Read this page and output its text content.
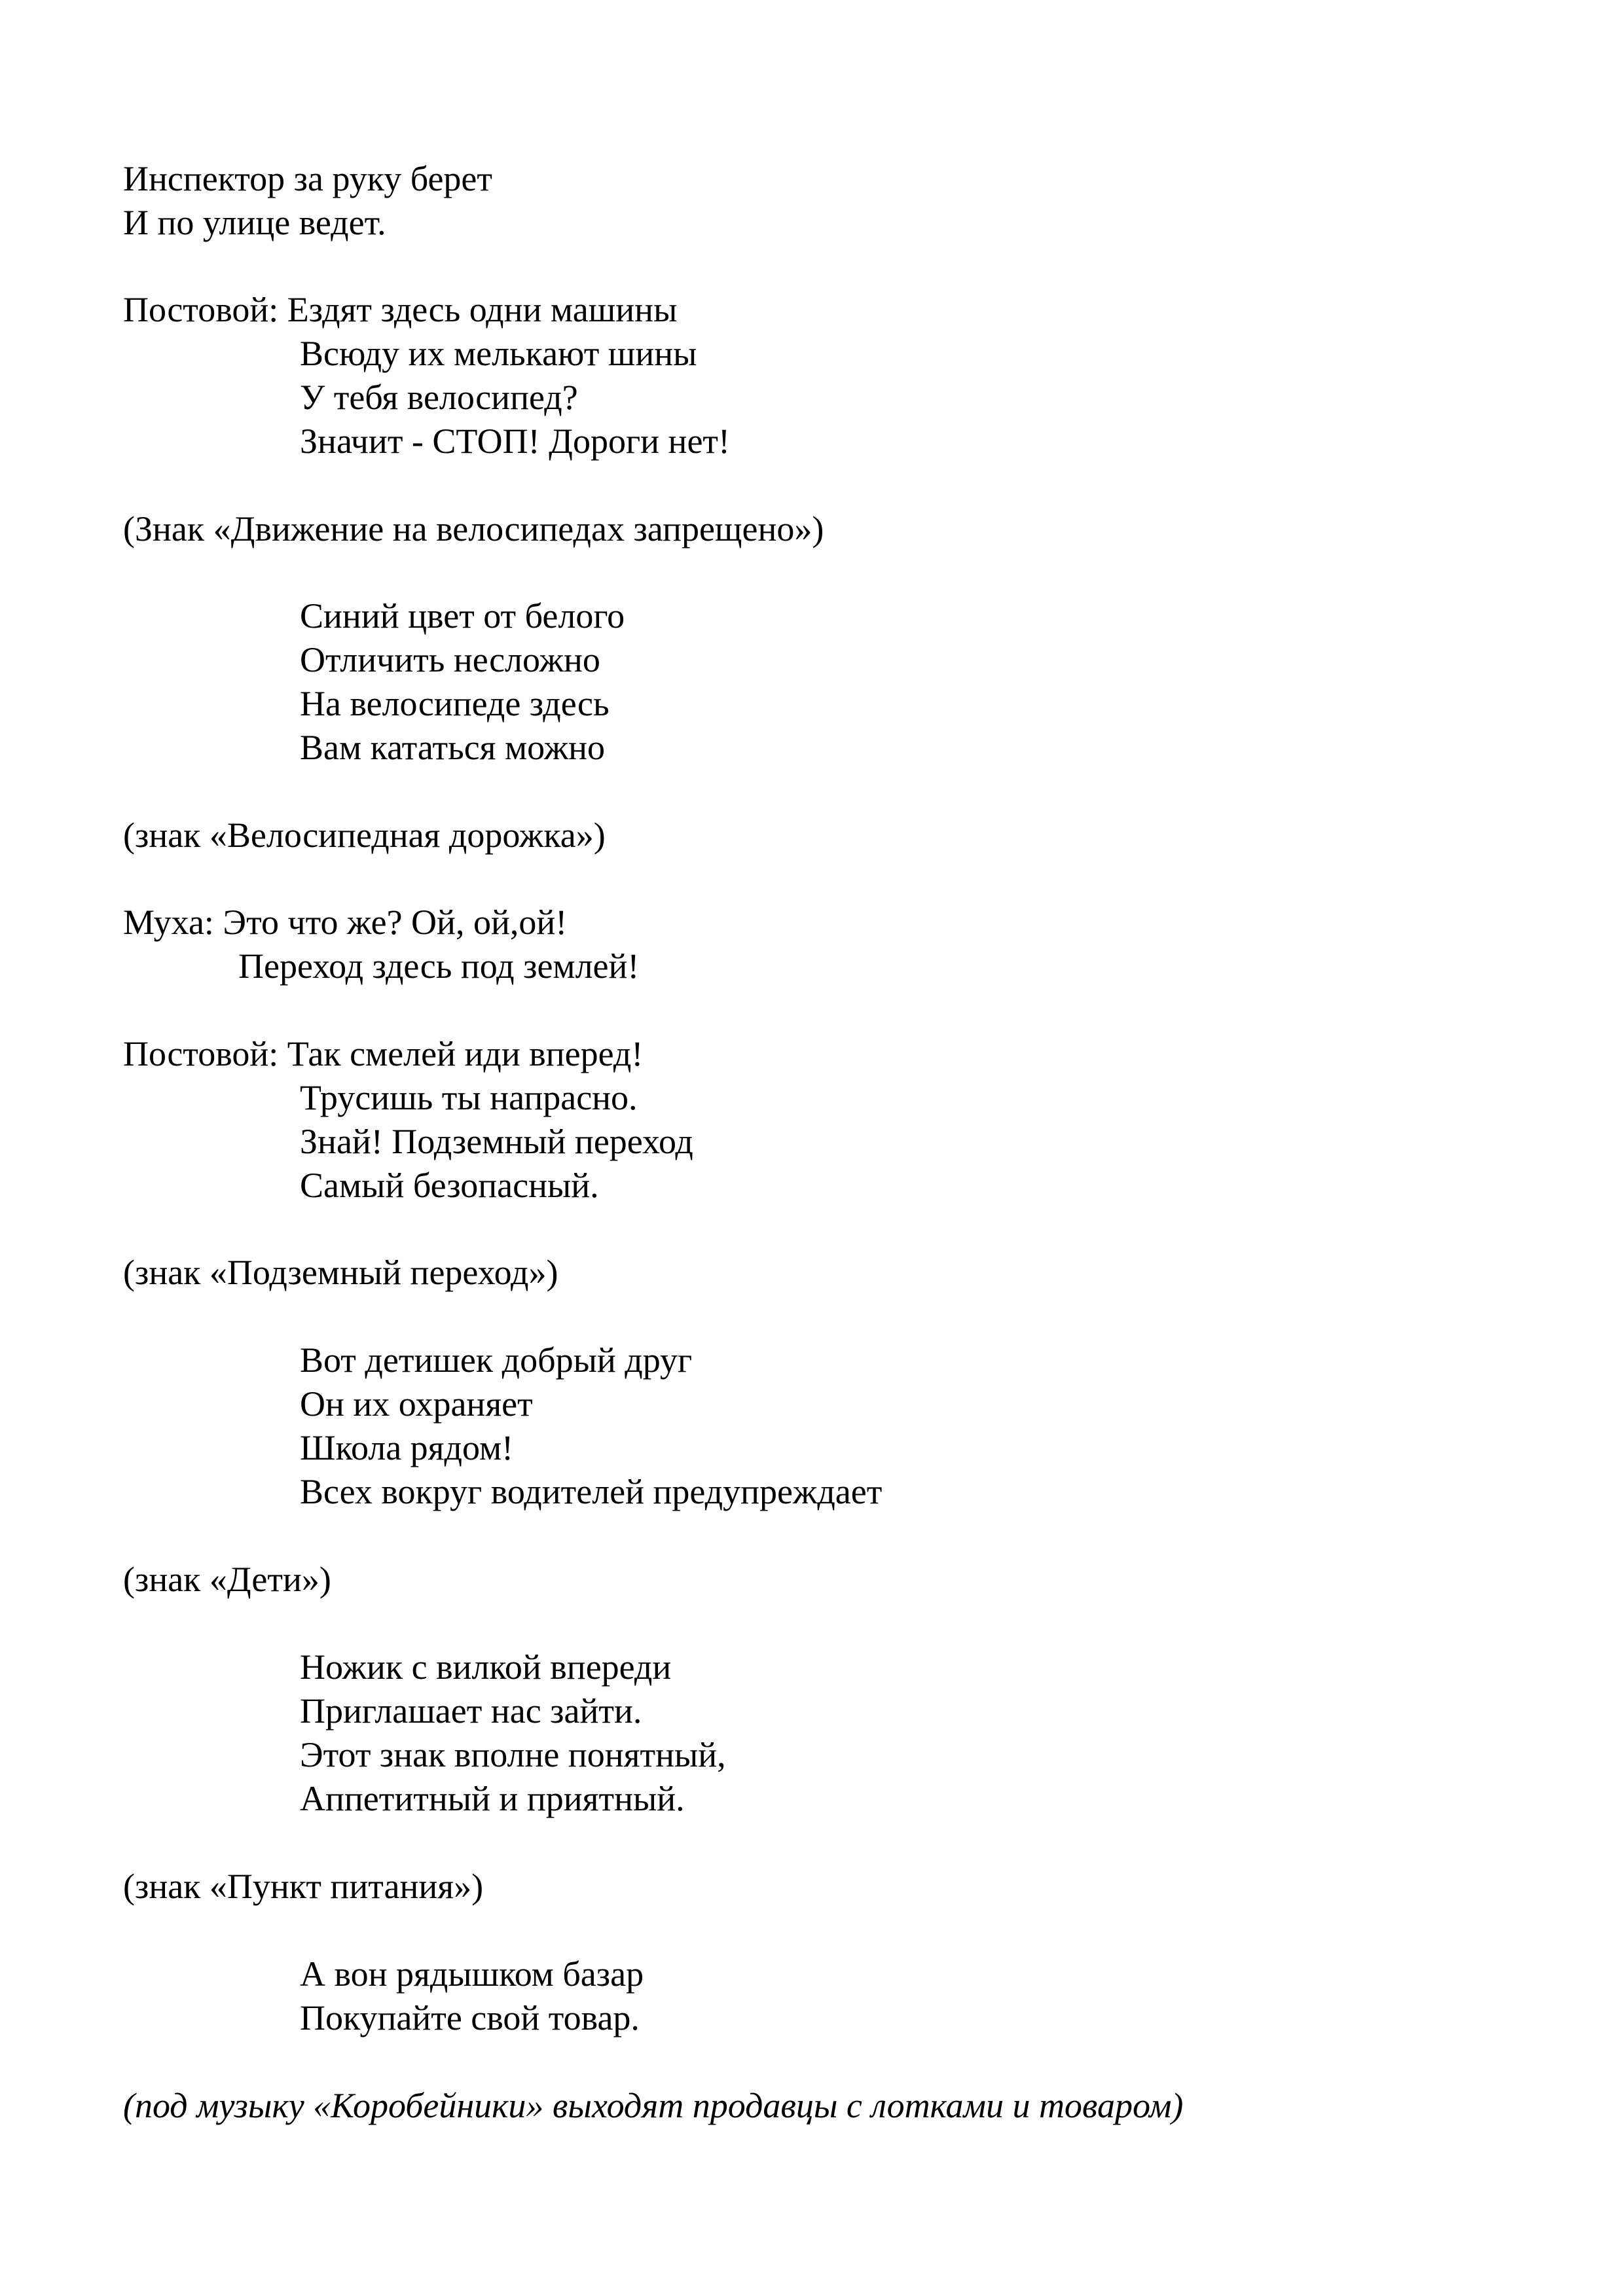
Инспектор за руку берет

И по улице ведет.

Постовой: Ездят здесь одни машины

Всюду их мелькают шины

У тебя велосипед?

Значит - СТОП! Дороги нет!

(Знак «Движение на велосипедах запрещено»)

Синий цвет от белого

Отличить несложно

На велосипеде здесь

Вам кататься можно

(знак «Велосипедная дорожка»)

Муха: Это что же? Ой, ой,ой!

Переход здесь под землей!

Постовой: Так смелей иди вперед!

Трусишь ты напрасно.

Знай! Подземный переход

Самый безопасный.

(знак «Подземный переход»)

Вот детишек добрый друг

Он их охраняет

Школа рядом!

Всех вокруг водителей предупреждает

(знак «Дети»)

Ножик с вилкой впереди

Приглашает нас зайти.

Этот знак вполне понятный,

Аппетитный и приятный.

(знак «Пункт питания»)

А вон рядышком базар

Покупайте свой товар.

(под музыку «Коробейники» выходят продавцы с лотками и товаром)
